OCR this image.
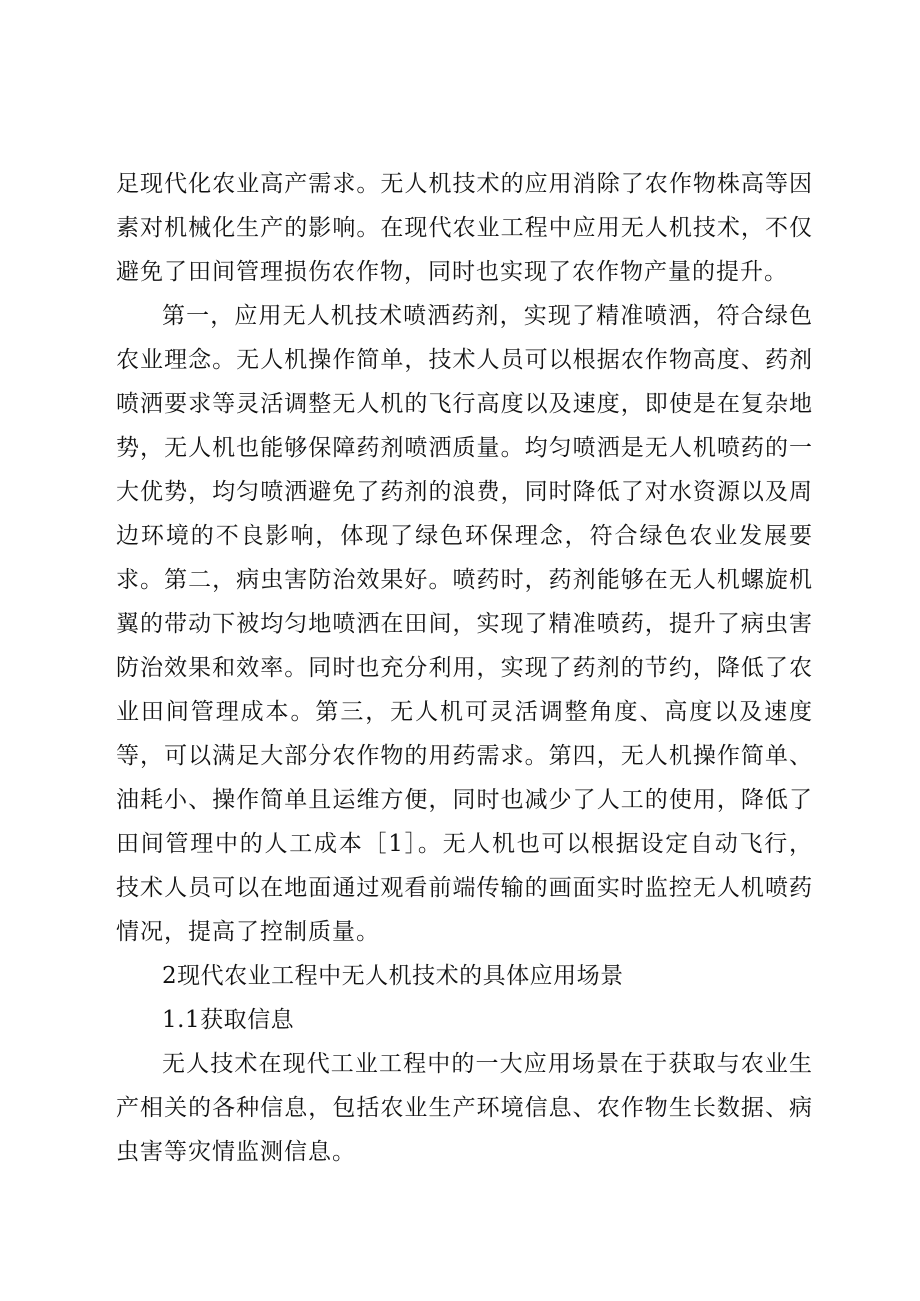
足现代化农业高产需求。无人机技术的应用消除了农作物株高等因素对机械化生产的影响。在现代农业工程中应用无人机技术，不仅避免了田间管理损伤农作物，同时也实现了农作物产量的提升。

第一，应用无人机技术喷洒药剂，实现了精准喷洒，符合绿色农业理念。无人机操作简单，技术人员可以根据农作物高度、药剂喷洒要求等灵活调整无人机的飞行高度以及速度，即使是在复杂地势，无人机也能够保障药剂喷洒质量。均匀喷洒是无人机喷药的一大优势，均匀喷洒避免了药剂的浪费，同时降低了对水资源以及周边环境的不良影响，体现了绿色环保理念，符合绿色农业发展要求。第二，病虫害防治效果好。喷药时，药剂能够在无人机螺旋机翼的带动下被均匀地喷洒在田间，实现了精准喷药，提升了病虫害防治效果和效率。同时也充分利用，实现了药剂的节约，降低了农业田间管理成本。第三，无人机可灵活调整角度、高度以及速度等，可以满足大部分农作物的用药需求。第四，无人机操作简单、油耗小、操作简单且运维方便，同时也减少了人工的使用，降低了田间管理中的人工成本［1］。无人机也可以根据设定自动飞行，技术人员可以在地面通过观看前端传输的画面实时监控无人机喷药情况，提高了控制质量。

2现代农业工程中无人机技术的具体应用场景

1.1获取信息

无人技术在现代工业工程中的一大应用场景在于获取与农业生产相关的各种信息，包括农业生产环境信息、农作物生长数据、病虫害等灾情监测信息。
